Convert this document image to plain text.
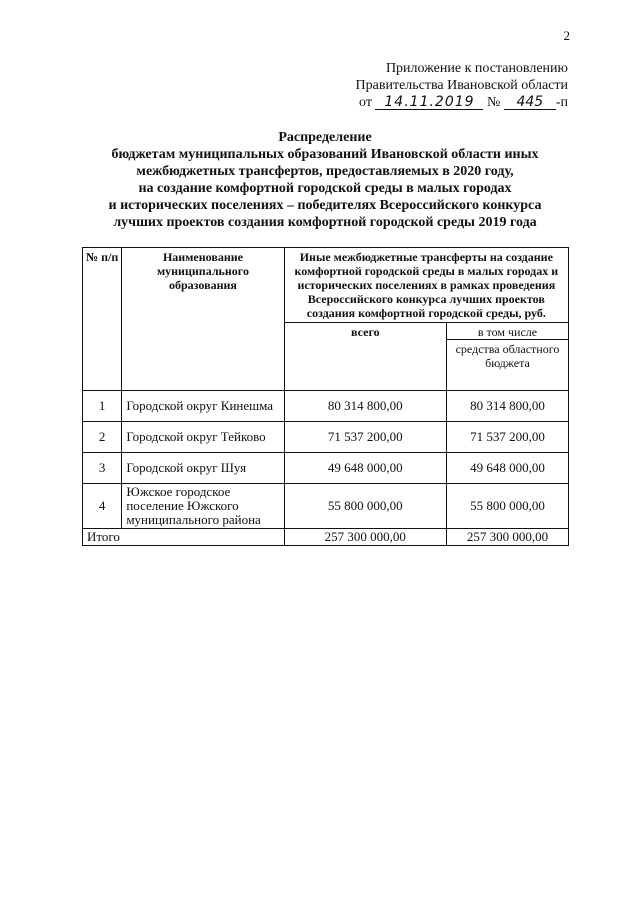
2
Приложение к постановлению
Правительства Ивановской области
от 14.11.2019 № 445 -п
Распределение
бюджетам муниципальных образований Ивановской области иных
межбюджетных трансфертов, предоставляемых в 2020 году,
на создание комфортной городской среды в малых городах
и исторических поселениях – победителях Всероссийского конкурса
лучших проектов создания комфортной городской среды 2019 года
№ п/п	Наименование муниципального образования	Иные межбюджетные трансферты на создание комфортной городской среды в малых городах и исторических поселениях в рамках проведения Всероссийского конкурса лучших проектов создания комфортной городской среды, руб.	
		всего	в том числе

			средства областного бюджета
1	Городской округ Кинешма	80 314 800,00	80 314 800,00
2	Городской округ Тейково	71 537 200,00	71 537 200,00
3	Городской округ Шуя	49 648 000,00	49 648 000,00
4	Южское городское поселение Южского муниципального района	55 800 000,00	55 800 000,00
Итого		257 300 000,00	257 300 000,00
